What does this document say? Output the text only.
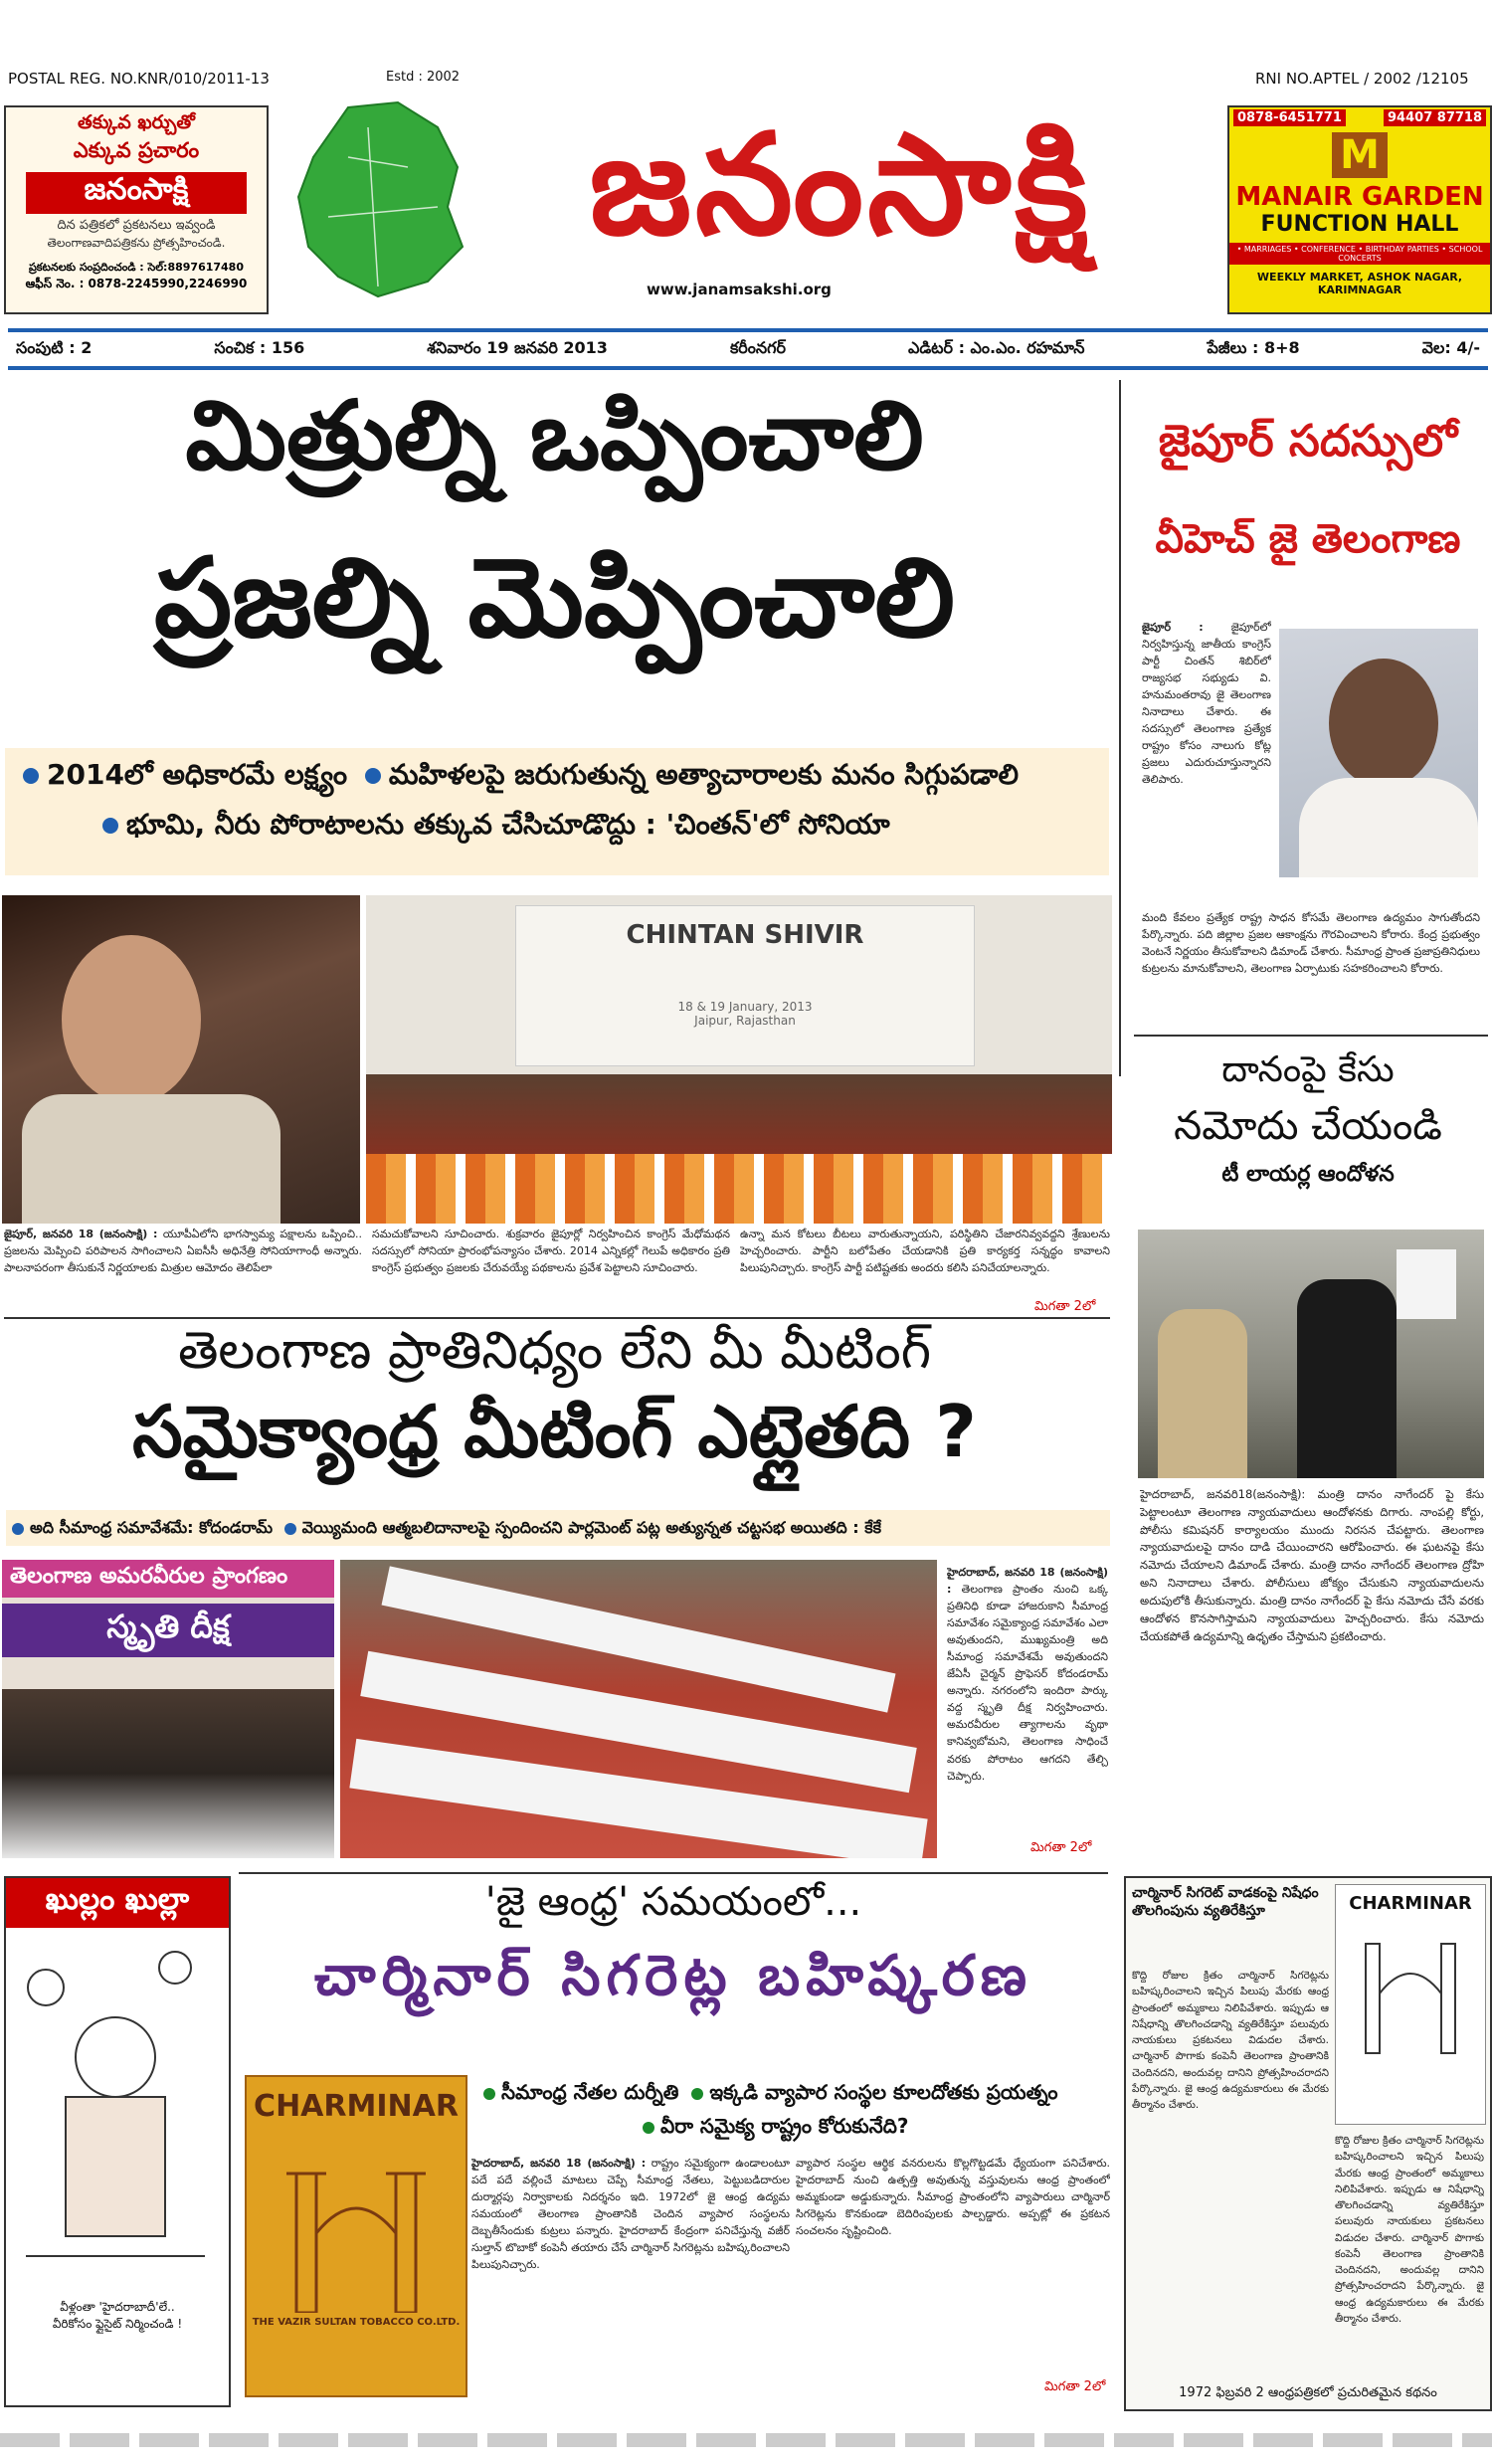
POSTAL REG. NO.KNR/010/2011-13	Estd : 2002	RNI NO.APTEL / 2002 /12105
తక్కువ ఖర్చుతో
ఎక్కువ ప్రచారం
జనంసాక్షి
దిన పత్రికలో ప్రకటనలు ఇవ్వండి
తెలంగాణవాదిపత్రికను ప్రోత్సహించండి.
ప్రకటనలకు సంప్రదించండి : సెల్:8897617480
ఆఫీస్ నెం. : 0878-2245990,2246990
జనంసాక్షి
www.janamsakshi.org
0878-6451771	94407 87718
M
MANAIR GARDEN
FUNCTION HALL
• MARRIAGES • CONFERENCE • BIRTHDAY PARTIES • SCHOOL CONCERTS
WEEKLY MARKET, ASHOK NAGAR, KARIMNAGAR
సంపుటి : 2	సంచిక : 156	శనివారం 19 జనవరి 2013	కరీంనగర్	ఎడిటర్ : ఎం.ఎం. రహమాన్	పేజీలు : 8+8	వెల: 4/-
మిత్రుల్ని ఒప్పించాలి
ప్రజల్ని మెప్పించాలి
2014లో అధికారమే లక్ష్యం మహిళలపై జరుగుతున్న అత్యాచారాలకు మనం సిగ్గుపడాలి
భూమి, నీరు పోరాటాలను తక్కువ చేసిచూడొద్దు : 'చింతన్'లో సోనియా
CHINTAN SHIVIR
18 & 19 January, 2013
Jaipur, Rajasthan
జైపూర్, జనవరి 18 (జనంసాక్షి) : యూపీఏలోని భాగస్వామ్య పక్షాలను ఒప్పించి.. ప్రజలను మెప్పించి పరిపాలన సాగించాలని ఏఐసీసీ అధినేత్రి సోనియాగాంధీ అన్నారు. పాలనాపరంగా తీసుకునే నిర్ణయాలకు మిత్రుల ఆమోదం తెలిపేలా
సమచుకోవాలని సూచించారు. శుక్రవారం జైపూర్లో నిర్వహించిన కాంగ్రెస్ మేధోమథన సదస్సులో సోనియా ప్రారంభోపన్యాసం చేశారు. 2014 ఎన్నికల్లో గెలుపే అధికారం ప్రతి కాంగ్రెస్ ప్రభుత్వం ప్రజలకు చేరువయ్యే పథకాలను ప్రవేశ పెట్టాలని సూచించారు.
ఉన్నా మన కోటలు బీటలు వారుతున్నాయని, పరిస్థితిని చేజారనివ్వవద్దని శ్రేణులను హెచ్చరించారు. పార్టీని బలోపేతం చేయడానికి ప్రతి కార్యకర్త సన్నద్ధం కావాలని పిలుపునిచ్చారు. కాంగ్రెస్ పార్టీ పటిష్టతకు అందరు కలిసి పనిచేయాలన్నారు.
మిగతా 2లో
జైపూర్ సదస్సులో
వీహెచ్ జై తెలంగాణ
జైపూర్ :	జైపూర్‌లో నిర్వహిస్తున్న జాతీయ కాంగ్రెస్ పార్టీ చింతన్ శిబిర్‌లో రాజ్యసభ సభ్యుడు వి. హనుమంతరావు జై తెలంగాణ నినాదాలు చేశారు. ఈ సదస్సులో తెలంగాణ ప్రత్యేక రాష్ట్రం కోసం నాలుగు కోట్ల ప్రజలు ఎదురుచూస్తున్నారని తెలిపారు.
మంది కేవలం ప్రత్యేక రాష్ట్ర సాధన కోసమే తెలంగాణ ఉద్యమం సాగుతోందని పేర్కొన్నారు. పది జిల్లాల ప్రజల ఆకాంక్షను గౌరవించాలని కోరారు. కేంద్ర ప్రభుత్వం వెంటనే నిర్ణయం తీసుకోవాలని డిమాండ్ చేశారు. సీమాంధ్ర ప్రాంత ప్రజాప్రతినిధులు కుట్రలను మానుకోవాలని, తెలంగాణ ఏర్పాటుకు సహకరించాలని కోరారు.
దానంపై కేసు
నమోదు చేయండి
టీ లాయర్ల ఆందోళన
హైదరాబాద్, జనవరి18(జనంసాక్షి): మంత్రి దానం నాగేందర్ పై కేసు పెట్టాలంటూ తెలంగాణ న్యాయవాదులు ఆందోళనకు దిగారు. నాంపల్లి కోర్టు, పోలీసు కమిషనర్ కార్యాలయం ముందు నిరసన చేపట్టారు. తెలంగాణ న్యాయవాదులపై దానం దాడి చేయించారని ఆరోపించారు. ఈ ఘటనపై కేసు నమోదు చేయాలని డిమాండ్ చేశారు. మంత్రి దానం నాగేందర్ తెలంగాణ ద్రోహి అని నినాదాలు చేశారు. పోలీసులు జోక్యం చేసుకుని న్యాయవాదులను అదుపులోకి తీసుకున్నారు. మంత్రి దానం నాగేందర్ పై కేసు నమోదు చేసే వరకు ఆందోళన కొనసాగిస్తామని న్యాయవాదులు హెచ్చరించారు. కేసు నమోదు చేయకపోతే ఉద్యమాన్ని ఉధృతం చేస్తామని ప్రకటించారు.
తెలంగాణ ప్రాతినిధ్యం లేని మీ మీటింగ్
సమైక్యాంధ్ర మీటింగ్ ఎట్లైతది ?
అది సీమాంధ్ర సమావేశమే: కోదండరామ్ వెయ్యిమంది ఆత్మబలిదానాలపై స్పందించని పార్లమెంట్ పట్ల అత్యున్నత చట్టసభ అయితది : కేకే
తెలంగాణ అమరవీరుల ప్రాంగణం
స్మృతి దీక్ష
హైదరాబాద్, జనవరి 18 (జనంసాక్షి) : తెలంగాణ ప్రాంతం నుంచి ఒక్క ప్రతినిధి కూడా హాజరుకాని సీమాంధ్ర సమావేశం సమైక్యాంధ్ర సమావేశం ఎలా అవుతుందని, ముఖ్యమంత్రి అది సీమాంధ్ర సమావేశమే అవుతుందని జేఏసీ చైర్మన్ ప్రొఫెసర్ కోదండరామ్ అన్నారు. నగరంలోని ఇందిరా పార్కు వద్ద స్మృతి దీక్ష నిర్వహించారు. అమరవీరుల త్యాగాలను వృథా కానివ్వబోమని, తెలంగాణ సాధించే వరకు పోరాటం ఆగదని తేల్చి చెప్పారు.
మిగతా 2లో
ఖుల్లం ఖుల్లా
వీళ్లంతా 'హైదరాబాదీ'లే..
వీరికోసం ఫ్లైసైట్ నిర్మించండి !
'జై ఆంధ్ర' సమయంలో...
చార్మినార్ సిగరెట్ల బహిష్కరణ
CHARMINAR
THE VAZIR SULTAN TOBACCO CO.LTD.
సీమాంధ్ర నేతల దుర్నీతి ఇక్కడి వ్యాపార సంస్థల కూలదోతకు ప్రయత్నం
వీరా సమైక్య రాష్ట్రం కోరుకునేది?
హైదరాబాద్, జనవరి 18 (జనంసాక్షి) : రాష్ట్రం సమైక్యంగా ఉండాలంటూ పదే పదే వల్లించే మాటలు చెప్పే సీమాంధ్ర నేతలు, పెట్టుబడిదారుల దుర్మార్గపు నిర్వాకాలకు నిదర్శనం ఇది. 1972లో జై ఆంధ్ర ఉద్యమ సమయంలో తెలంగాణ ప్రాంతానికి చెందిన వ్యాపార సంస్థలను దెబ్బతీసేందుకు కుట్రలు పన్నారు. హైదరాబాద్ కేంద్రంగా పనిచేస్తున్న వజీర్ సుల్తాన్ టొబాకో కంపెనీ తయారు చేసే చార్మినార్ సిగరెట్లను బహిష్కరించాలని పిలుపునిచ్చారు.
వ్యాపార సంస్థల ఆర్థిక వనరులను కొల్లగొట్టడమే ధ్యేయంగా పనిచేశారు. హైదరాబాద్ నుంచి ఉత్పత్తి అవుతున్న వస్తువులను ఆంధ్ర ప్రాంతంలో అమ్మకుండా అడ్డుకున్నారు. సీమాంధ్ర ప్రాంతంలోని వ్యాపారులు చార్మినార్ సిగరెట్లను కొనకుండా బెదిరింపులకు పాల్పడ్డారు. అప్పట్లో ఈ ప్రకటన సంచలనం సృష్టించింది.
మిగతా 2లో
చార్మినార్ సిగరెట్ వాడకంపై నిషేధం తొలగింపును వ్యతిరేకిస్తూ	CHARMINAR
కొద్ది రోజుల క్రితం చార్మినార్ సిగరెట్లను బహిష్కరించాలని ఇచ్చిన పిలుపు మేరకు ఆంధ్ర ప్రాంతంలో అమ్మకాలు నిలిపివేశారు. ఇప్పుడు ఆ నిషేధాన్ని తొలగించడాన్ని వ్యతిరేకిస్తూ పలువురు నాయకులు ప్రకటనలు విడుదల చేశారు. చార్మినార్ పొగాకు కంపెనీ తెలంగాణ ప్రాంతానికి చెందినదని, అందువల్ల దానిని ప్రోత్సహించరాదని పేర్కొన్నారు. జై ఆంధ్ర ఉద్యమకారులు ఈ మేరకు తీర్మానం చేశారు.
కొద్ది రోజుల క్రితం చార్మినార్ సిగరెట్లను బహిష్కరించాలని ఇచ్చిన పిలుపు మేరకు ఆంధ్ర ప్రాంతంలో అమ్మకాలు నిలిపివేశారు. ఇప్పుడు ఆ నిషేధాన్ని తొలగించడాన్ని వ్యతిరేకిస్తూ పలువురు నాయకులు ప్రకటనలు విడుదల చేశారు. చార్మినార్ పొగాకు కంపెనీ తెలంగాణ ప్రాంతానికి చెందినదని, అందువల్ల దానిని ప్రోత్సహించరాదని పేర్కొన్నారు. జై ఆంధ్ర ఉద్యమకారులు ఈ మేరకు తీర్మానం చేశారు.
1972 ఫిబ్రవరి 2 ఆంధ్రపత్రికలో ప్రచురితమైన కథనం
